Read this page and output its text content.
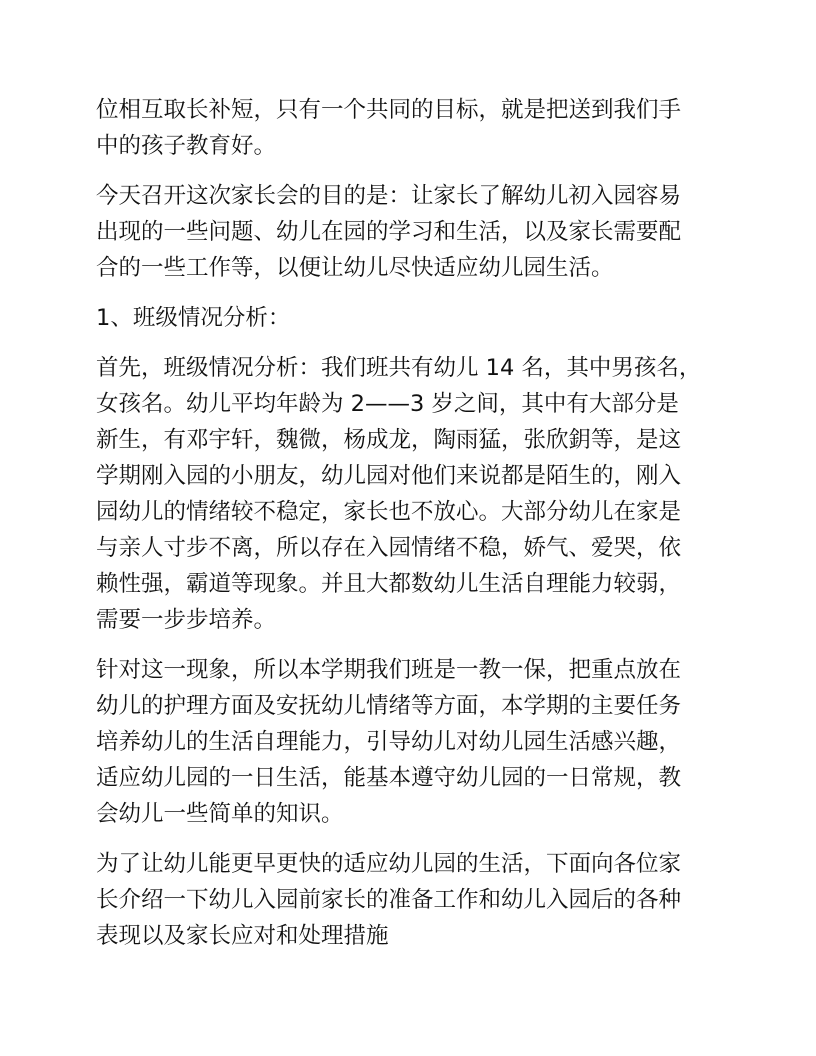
位相互取长补短，只有一个共同的目标，就是把送到我们手
中的孩子教育好。

今天召开这次家长会的目的是：让家长了解幼儿初入园容易
出现的一些问题、幼儿在园的学习和生活，以及家长需要配
合的一些工作等，以便让幼儿尽快适应幼儿园生活。

1、班级情况分析：

首先，班级情况分析：我们班共有幼儿 14 名，其中男孩名，
女孩名。幼儿平均年龄为 2——3 岁之间，其中有大部分是
新生，有邓宇轩，魏微，杨成龙，陶雨猛，张欣鈅等，是这
学期刚入园的小朋友，幼儿园对他们来说都是陌生的，刚入
园幼儿的情绪较不稳定，家长也不放心。大部分幼儿在家是
与亲人寸步不离，所以存在入园情绪不稳，娇气、爱哭，依
赖性强，霸道等现象。并且大都数幼儿生活自理能力较弱，
需要一步步培养。

针对这一现象，所以本学期我们班是一教一保，把重点放在
幼儿的护理方面及安抚幼儿情绪等方面，本学期的主要任务
培养幼儿的生活自理能力，引导幼儿对幼儿园生活感兴趣，
适应幼儿园的一日生活，能基本遵守幼儿园的一日常规，教
会幼儿一些简单的知识。

为了让幼儿能更早更快的适应幼儿园的生活，下面向各位家
长介绍一下幼儿入园前家长的准备工作和幼儿入园后的各种
表现以及家长应对和处理措施
